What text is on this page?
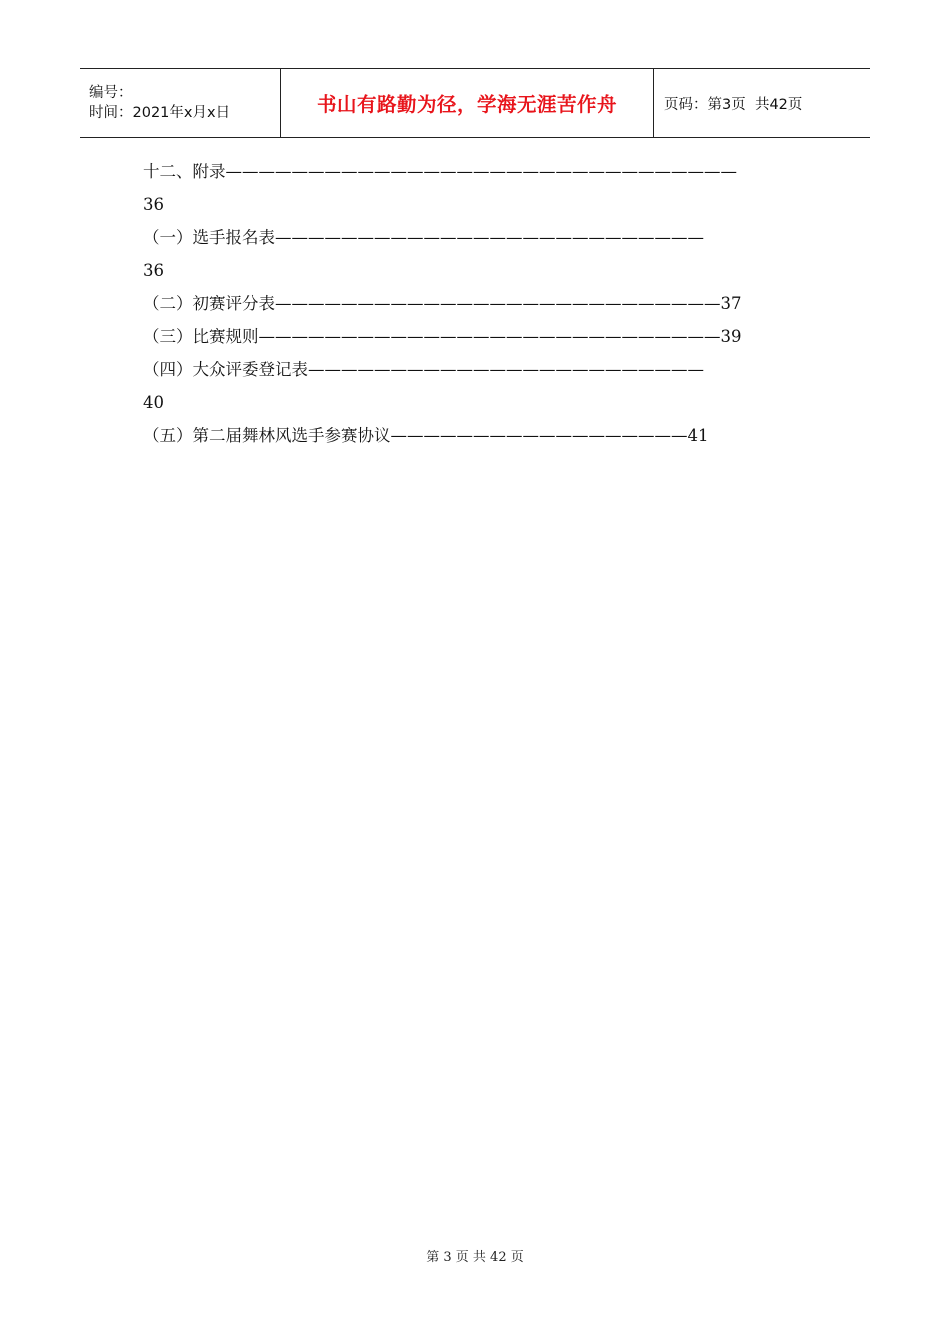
编号：
时间：2021年x月x日	书山有路勤为径，学海无涯苦作舟	页码：第3页  共42页
十二、附录———————————————————————————————
36
（一）选手报名表——————————————————————————
36
（二）初赛评分表———————————————————————————37
（三）比赛规则————————————————————————————39
（四）大众评委登记表————————————————————————
40
（五）第二届舞林风选手参赛协议——————————————————41
第 3 页 共 42 页
